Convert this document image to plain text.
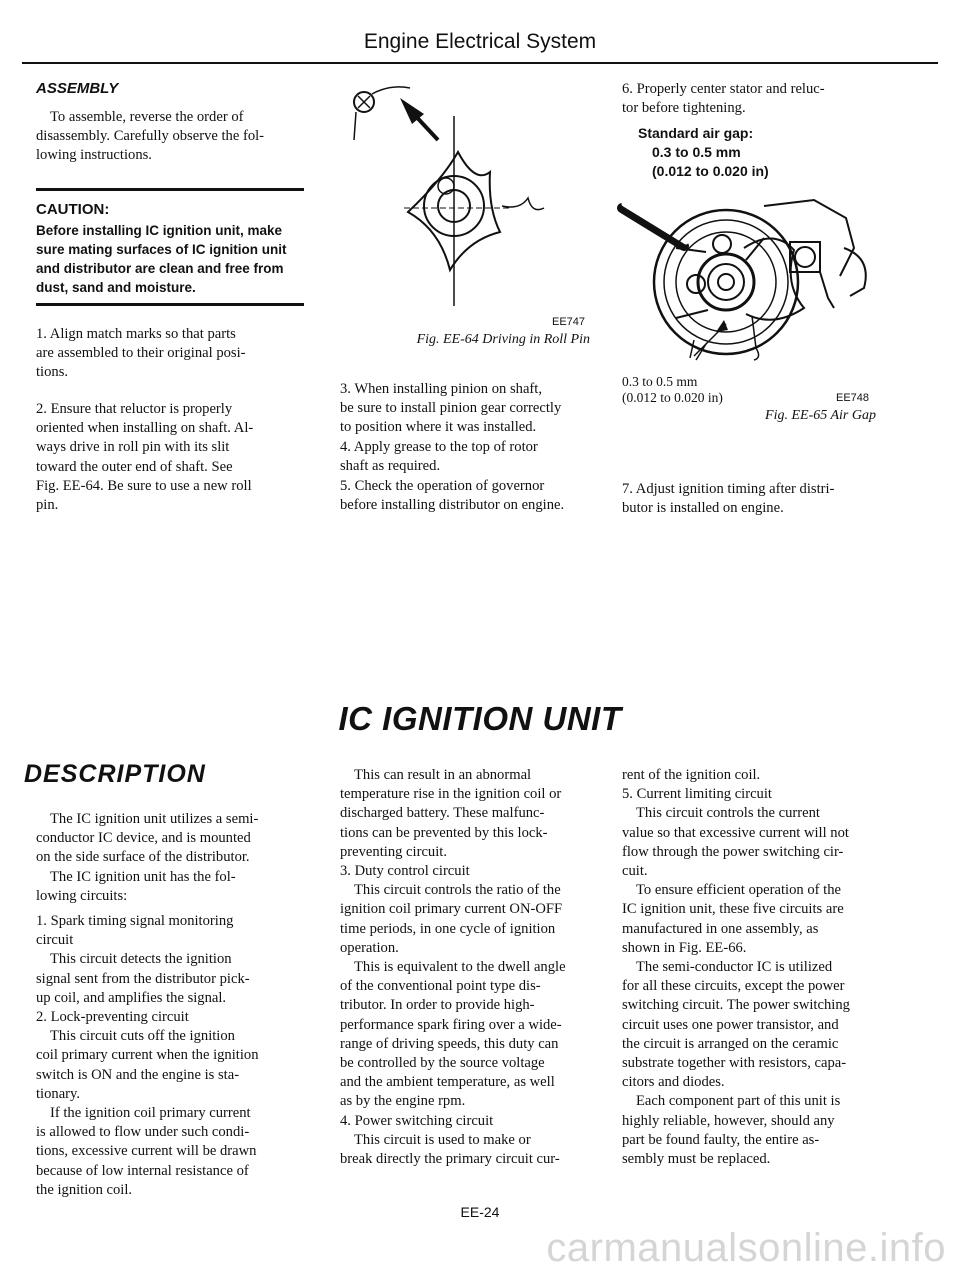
Engine Electrical System
ASSEMBLY

To assemble, reverse the order of

disassembly. Carefully observe the fol-

lowing instructions.

CAUTION:
Before installing IC ignition unit, make
sure mating surfaces of IC ignition unit
and distributor are clean and free from
dust, sand and moisture.

1. Align match marks so that parts

are assembled to their original posi-

tions.

2. Ensure that reluctor is properly

oriented when installing on shaft. Al-

ways drive in roll pin with its slit

toward the outer end of shaft. See

Fig. EE-64. Be sure to use a new roll

pin.

EE747
Fig. EE-64 Driving in Roll Pin

3. When installing pinion on shaft,

be sure to install pinion gear correctly

to position where it was installed.

4. Apply grease to the top of rotor

shaft as required.

5. Check the operation of governor

before installing distributor on engine.

6. Properly center stator and reluc-

tor before tightening.

Standard air gap:
0.3 to 0.5 mm
(0.012 to 0.020 in)
0.3 to 0.5 mm
(0.012 to 0.020 in)	EE748
Fig. EE-65 Air Gap

7. Adjust ignition timing after distri-

butor is installed on engine.

IC IGNITION UNIT
DESCRIPTION

The IC ignition unit utilizes a semi-

conductor IC device, and is mounted

on the side surface of the distributor.

The IC ignition unit has the fol-

lowing circuits:

1. Spark timing signal monitoring

circuit

This circuit detects the ignition

signal sent from the distributor pick-

up coil, and amplifies the signal.

2. Lock-preventing circuit

This circuit cuts off the ignition

coil primary current when the ignition

switch is ON and the engine is sta-

tionary.

If the ignition coil primary current

is allowed to flow under such condi-

tions, excessive current will be drawn

because of low internal resistance of

the ignition coil.

This can result in an abnormal

temperature rise in the ignition coil or

discharged battery. These malfunc-

tions can be prevented by this lock-

preventing circuit.

3. Duty control circuit

This circuit controls the ratio of the

ignition coil primary current ON-OFF

time periods, in one cycle of ignition

operation.

This is equivalent to the dwell angle

of the conventional point type dis-

tributor. In order to provide high-

performance spark firing over a wide-

range of driving speeds, this duty can

be controlled by the source voltage

and the ambient temperature, as well

as by the engine rpm.

4. Power switching circuit

This circuit is used to make or

break directly the primary circuit cur-

rent of the ignition coil.

5. Current limiting circuit

This circuit controls the current

value so that excessive current will not

flow through the power switching cir-

cuit.

To ensure efficient operation of the

IC ignition unit, these five circuits are

manufactured in one assembly, as

shown in Fig. EE-66.

The semi-conductor IC is utilized

for all these circuits, except the power

switching circuit. The power switching

circuit uses one power transistor, and

the circuit is arranged on the ceramic

substrate together with resistors, capa-

citors and diodes.

Each component part of this unit is

highly reliable, however, should any

part be found faulty, the entire as-

sembly must be replaced.

EE-24
carmanualsonline.info
